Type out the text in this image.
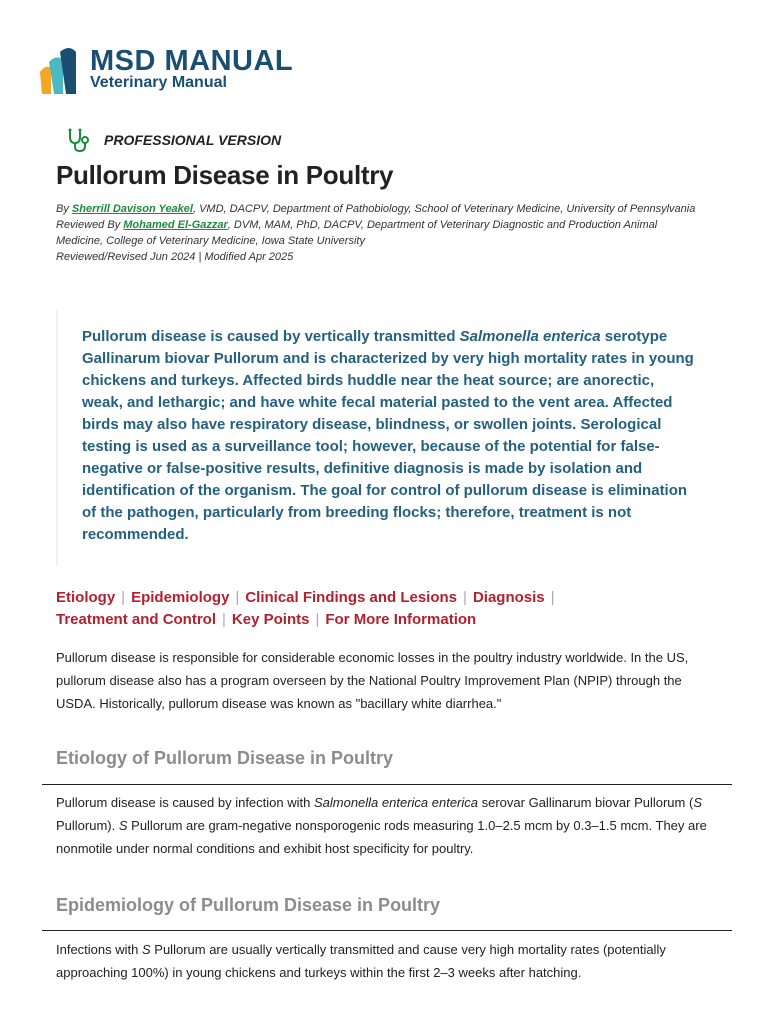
MSD MANUAL
Veterinary Manual
PROFESSIONAL VERSION
Pullorum Disease in Poultry

By Sherrill Davison Yeakel, VMD, DACPV, Department of Pathobiology, School of Veterinary Medicine, University of Pennsylvania

Reviewed By Mohamed El-Gazzar, DVM, MAM, PhD, DACPV, Department of Veterinary Diagnostic and Production Animal Medicine, College of Veterinary Medicine, Iowa State University

Reviewed/Revised Jun 2024 | Modified Apr 2025

Pullorum disease is caused by vertically transmitted Salmonella enterica serotype Gallinarum biovar Pullorum and is characterized by very high mortality rates in young chickens and turkeys. Affected birds huddle near the heat source; are anorectic, weak, and lethargic; and have white fecal material pasted to the vent area. Affected birds may also have respiratory disease, blindness, or swollen joints. Serological testing is used as a surveillance tool; however, because of the potential for false-negative or false-positive results, definitive diagnosis is made by isolation and identification of the organism. The goal for control of pullorum disease is elimination of the pathogen, particularly from breeding flocks; therefore, treatment is not recommended.

Etiology | Epidemiology | Clinical Findings and Lesions | Diagnosis |
Treatment and Control | Key Points | For More Information

Pullorum disease is responsible for considerable economic losses in the poultry industry worldwide. In the US, pullorum disease also has a program overseen by the National Poultry Improvement Plan (NPIP) through the USDA. Historically, pullorum disease was known as "bacillary white diarrhea."

Etiology of Pullorum Disease in Poultry

Pullorum disease is caused by infection with Salmonella enterica enterica serovar Gallinarum biovar Pullorum (S Pullorum). S Pullorum are gram-negative nonsporogenic rods measuring 1.0–2.5 mcm by 0.3–1.5 mcm. They are nonmotile under normal conditions and exhibit host specificity for poultry.

Epidemiology of Pullorum Disease in Poultry

Infections with S Pullorum are usually vertically transmitted and cause very high mortality rates (potentially approaching 100%) in young chickens and turkeys within the first 2–3 weeks after hatching.
